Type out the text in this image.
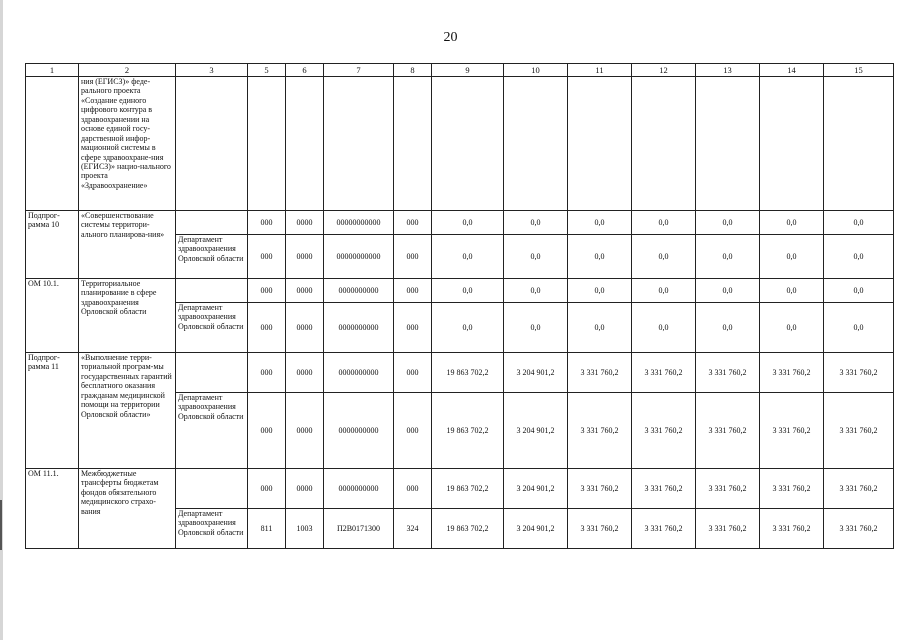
20
1	2	3	5	6	7	8	9	10	11	12	13	14	15
	ния (ЕГИСЗ)» феде-ральнoго проекта «Создание единого цифрового контура в здравоохранении на основе единой госу-дарственной инфор-мационной системы в сфере здравоохране-ния (ЕГИСЗ)» нацио-нального проекта «Здравоохранение»												
Подпрог-рамма 10	«Совершенствование системы территори-ального планирова-ния»		000	0000	00000000000	000	0,0	0,0	0,0	0,0	0,0	0,0	0,0
		Департамент здравоохранения Орловской области	000	0000	00000000000	000	0,0	0,0	0,0	0,0	0,0	0,0	0,0
ОМ 10.1.	Территориальное планирование в сфере здравоохранения Орловской области		000	0000	0000000000	000	0,0	0,0	0,0	0,0	0,0	0,0	0,0
		Департамент здравоохранения Орловской области	000	0000	0000000000	000	0,0	0,0	0,0	0,0	0,0	0,0	0,0
Подпрог-рамма 11	«Выполнение терри-ториальной програм-мы государственных гарантий бесплатного оказания гражданам медицинской помощи на территории Орловской области»		000	0000	0000000000	000	19 863 702,2	3 204 901,2	3 331 760,2	3 331 760,2	3 331 760,2	3 331 760,2	3 331 760,2
		Департамент здравоохранения Орловской области	000	0000	0000000000	000	19 863 702,2	3 204 901,2	3 331 760,2	3 331 760,2	3 331 760,2	3 331 760,2	3 331 760,2
ОМ 11.1.	Межбюджетные трансферты бюджетам фондов обязательного медицинского страхо-вания		000	0000	0000000000	000	19 863 702,2	3 204 901,2	3 331 760,2	3 331 760,2	3 331 760,2	3 331 760,2	3 331 760,2
		Департамент здравоохранения Орловской области	811	1003	П2В0171300	324	19 863 702,2	3 204 901,2	3 331 760,2	3 331 760,2	3 331 760,2	3 331 760,2	3 331 760,2
